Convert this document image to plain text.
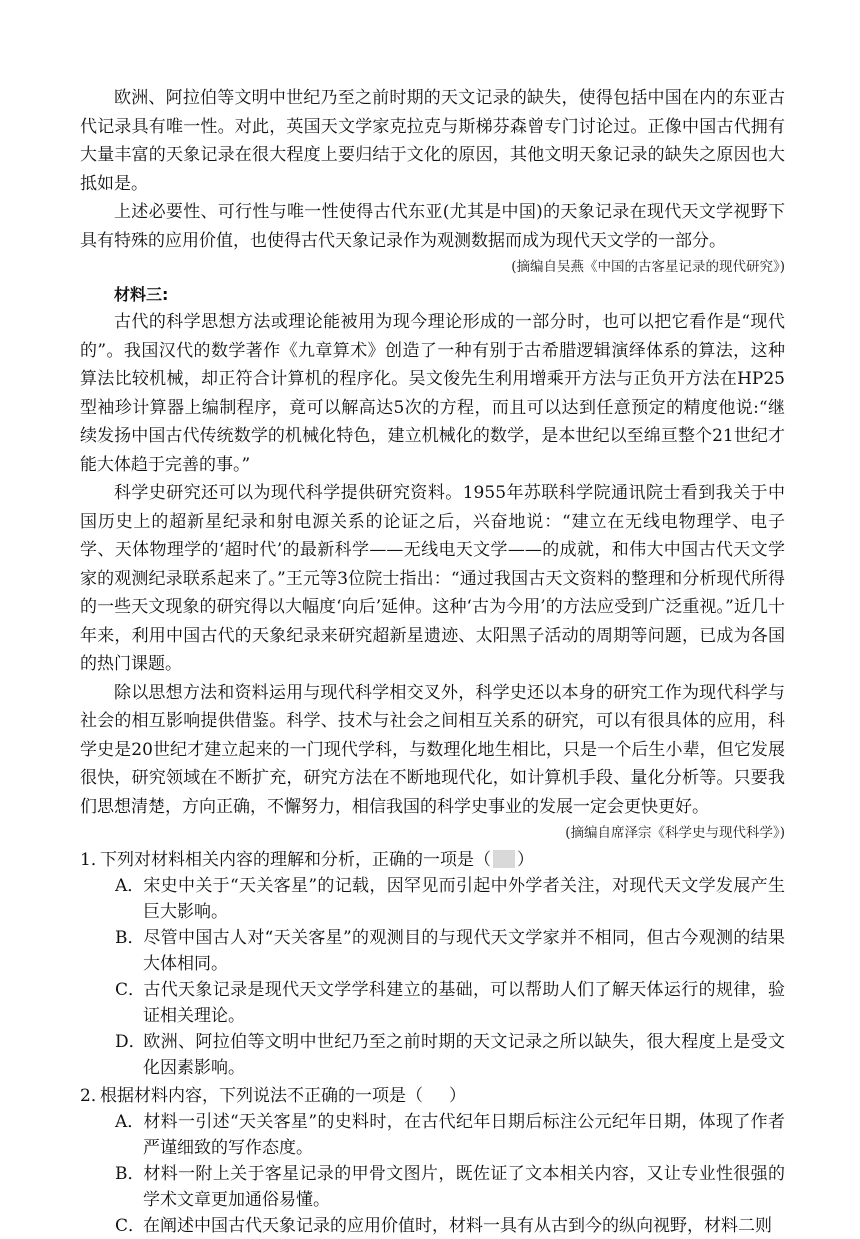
欧洲、阿拉伯等文明中世纪乃至之前时期的天文记录的缺失，使得包括中国在内的东亚古代记录具有唯一性。对此，英国天文学家克拉克与斯梯芬森曾专门讨论过。正像中国古代拥有大量丰富的天象记录在很大程度上要归结于文化的原因，其他文明天象记录的缺失之原因也大抵如是。

上述必要性、可行性与唯一性使得古代东亚(尤其是中国)的天象记录在现代天文学视野下具有特殊的应用价值，也使得古代天象记录作为观测数据而成为现代天文学的一部分。

(摘编自吴燕《中国的古客星记录的现代研究》)

材料三:

古代的科学思想方法或理论能被用为现今理论形成的一部分时，也可以把它看作是“现代的”。我国汉代的数学著作《九章算术》创造了一种有别于古希腊逻辑演绎体系的算法，这种算法比较机械，却正符合计算机的程序化。吴文俊先生利用增乘开方法与正负开方法在HP25型袖珍计算器上编制程序，竟可以解高达5次的方程，而且可以达到任意预定的精度他说:“继续发扬中国古代传统数学的机械化特色，建立机械化的数学，是本世纪以至绵亘整个21世纪才能大体趋于完善的事。”

科学史研究还可以为现代科学提供研究资料。1955年苏联科学院通讯院士看到我关于中国历史上的超新星纪录和射电源关系的论证之后，兴奋地说：“建立在无线电物理学、电子学、天体物理学的‘超时代’的最新科学——无线电天文学——的成就，和伟大中国古代天文学家的观测纪录联系起来了。”王元等3位院士指出：“通过我国古天文资料的整理和分析现代所得的一些天文现象的研究得以大幅度‘向后’延伸。这种‘古为今用’的方法应受到广泛重视。”近几十年来，利用中国古代的天象纪录来研究超新星遗迹、太阳黑子活动的周期等问题，已成为各国的热门课题。

除以思想方法和资料运用与现代科学相交叉外，科学史还以本身的研究工作为现代科学与社会的相互影响提供借鉴。科学、技术与社会之间相互关系的研究，可以有很具体的应用，科学史是20世纪才建立起来的一门现代学科，与数理化地生相比，只是一个后生小辈，但它发展很快，研究领域在不断扩充，研究方法在不断地现代化，如计算机手段、量化分析等。只要我们思想清楚，方向正确，不懈努力，相信我国的科学史事业的发展一定会更快更好。

(摘编自席泽宗《科学史与现代科学》)

1．下列对材料相关内容的理解和分析，正确的一项是（ ）

A．宋史中关于“天关客星”的记载，因罕见而引起中外学者关注，对现代天文学发展产生巨大影响。

B．尽管中国古人对“天关客星”的观测目的与现代天文学家并不相同，但古今观测的结果大体相同。

C．古代天象记录是现代天文学学科建立的基础，可以帮助人们了解天体运行的规律，验证相关理论。

D．欧洲、阿拉伯等文明中世纪乃至之前时期的天文记录之所以缺失，很大程度上是受文化因素影响。

2．根据材料内容，下列说法不正确的一项是（ ）

A．材料一引述“天关客星”的史料时，在古代纪年日期后标注公元纪年日期，体现了作者严谨细致的写作态度。

B．材料一附上关于客星记录的甲骨文图片，既佐证了文本相关内容，又让专业性很强的学术文章更加通俗易懂。

C．在阐述中国古代天象记录的应用价值时，材料一具有从古到今的纵向视野，材料二则
